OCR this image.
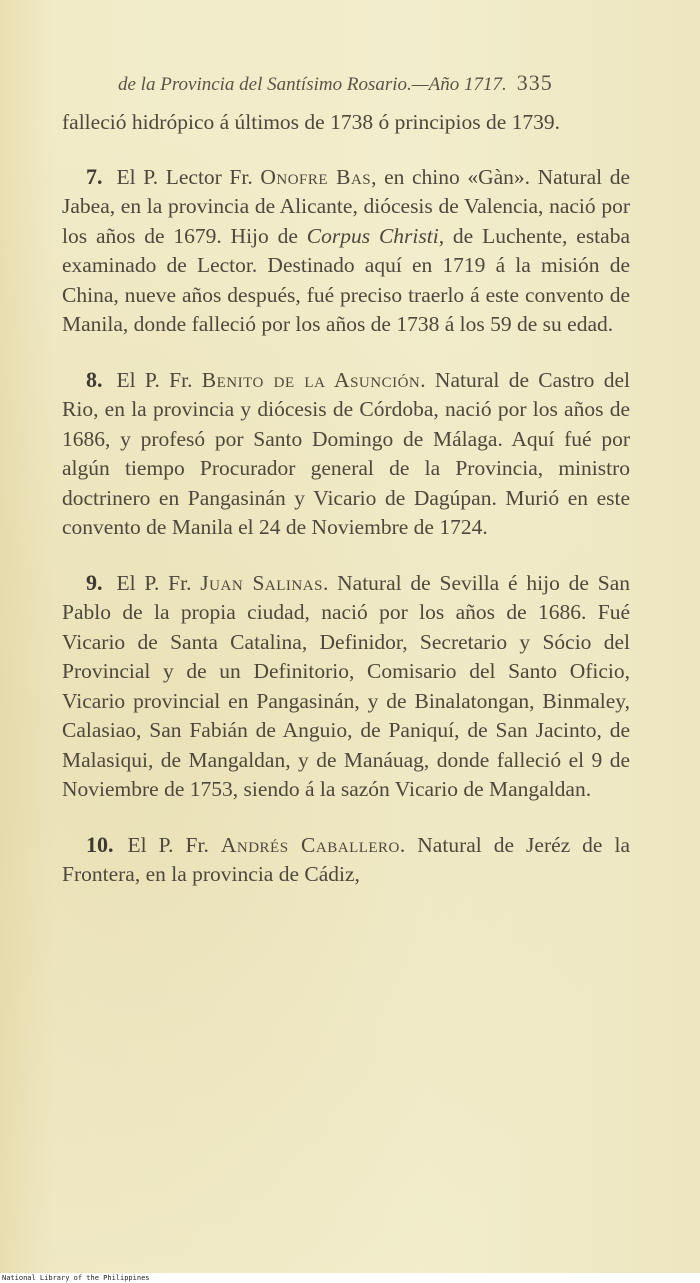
de la Provincia del Santísimo Rosario.—Año 1717. 335

falleció hidrópico á últimos de 1738 ó principios de 1739.

7. El P. Lector Fr. Onofre Bas, en chino «Gàn». Natural de Jabea, en la provincia de Alicante, diócesis de Valencia, nació por los años de 1679. Hijo de Corpus Christi, de Luchente, estaba examinado de Lector. Destinado aquí en 1719 á la misión de China, nueve años después, fué preciso traerlo á este convento de Manila, donde falleció por los años de 1738 á los 59 de su edad.

8. El P. Fr. Benito de la Asunción. Natural de Castro del Rio, en la provincia y diócesis de Córdoba, nació por los años de 1686, y profesó por Santo Domingo de Málaga. Aquí fué por algún tiempo Procurador general de la Provincia, ministro doctrinero en Pangasinán y Vicario de Dagúpan. Murió en este convento de Manila el 24 de Noviembre de 1724.

9. El P. Fr. Juan Salinas. Natural de Sevilla é hijo de San Pablo de la propia ciudad, nació por los años de 1686. Fué Vicario de Santa Catalina, Definidor, Secretario y Sócio del Provincial y de un Definitorio, Comisario del Santo Oficio, Vicario provincial en Pangasinán, y de Binalatongan, Binmaley, Calasiao, San Fabián de Anguio, de Paniquí, de San Jacinto, de Malasiqui, de Mangaldan, y de Manáuag, donde falleció el 9 de Noviembre de 1753, siendo á la sazón Vicario de Mangaldan.

10. El P. Fr. Andrés Caballero. Natural de Jeréz de la Frontera, en la provincia de Cádiz,

National Library of the Philippines
